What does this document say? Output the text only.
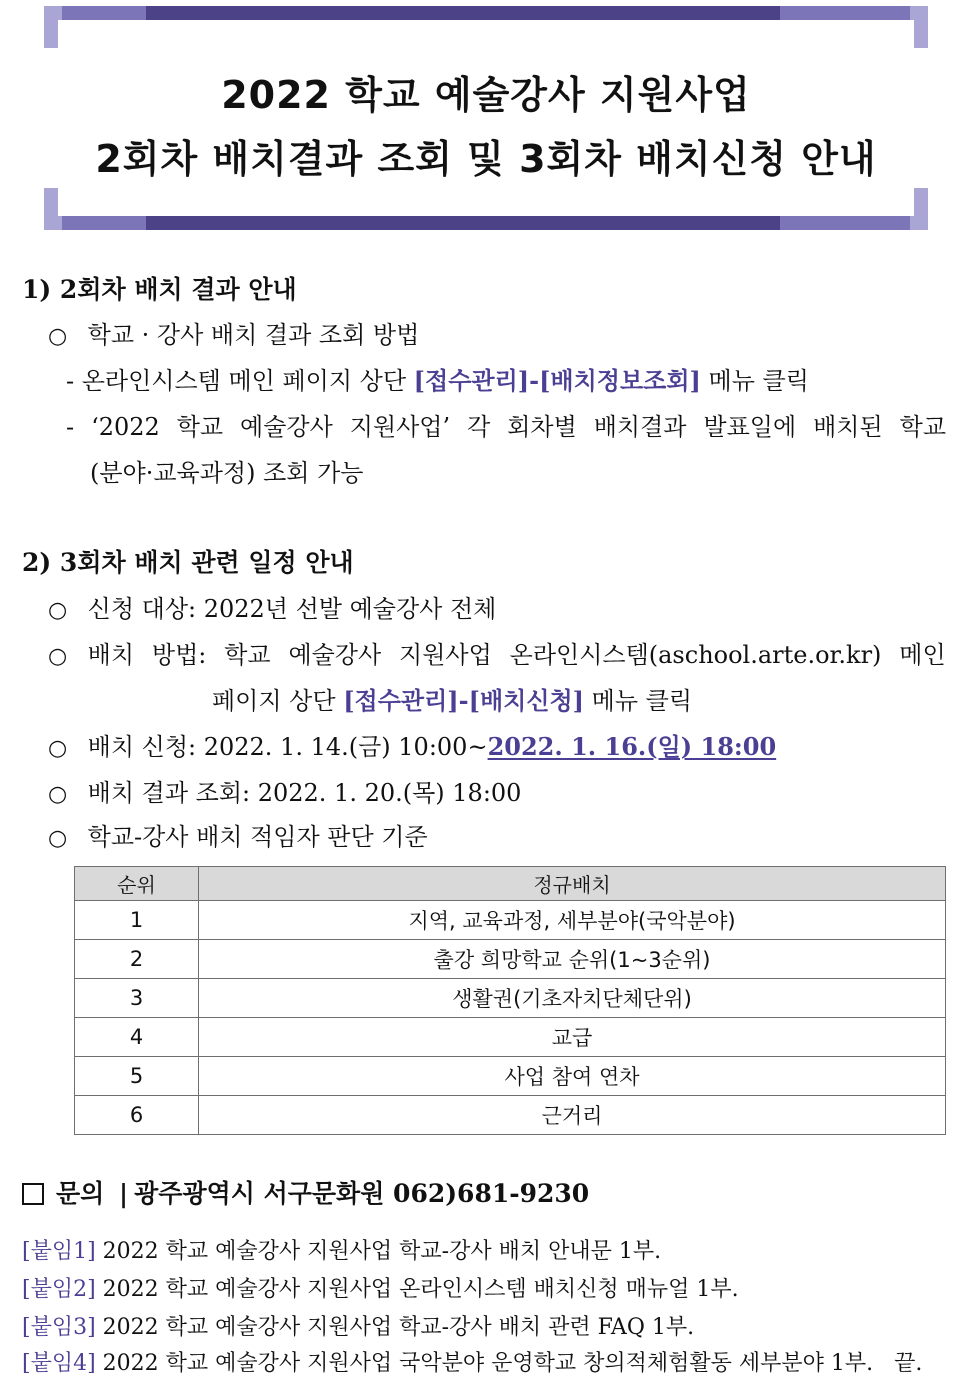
2022 학교 예술강사 지원사업
2회차 배치결과 조회 및 3회차 배치신청 안내
1) 2회차 배치 결과 안내
○ 학교 · 강사 배치 결과 조회 방법
- 온라인시스템 메인 페이지 상단 [접수관리]-[배치정보조회] 메뉴 클릭
- ‘2022 학교 예술강사 지원사업’ 각 회차별 배치결과 발표일에 배치된 학교
(분야·교육과정) 조회 가능
2) 3회차 배치 관련 일정 안내
○ 신청 대상: 2022년 선발 예술강사 전체
○ 배치 방법: 학교 예술강사 지원사업 온라인시스템(aschool.arte.or.kr) 메인
페이지 상단 [접수관리]-[배치신청] 메뉴 클릭
○ 배치 신청: 2022. 1. 14.(금) 10:00~2022. 1. 16.(일) 18:00
○ 배치 결과 조회: 2022. 1. 20.(목) 18:00
○ 학교-강사 배치 적임자 판단 기준
순위	정규배치
1	지역, 교육과정, 세부분야(국악분야)
2	출강 희망학교 순위(1~3순위)
3	생활권(기초자치단체단위)
4	교급
5	사업 참여 연차
6	근거리
문의 | 광주광역시 서구문화원 062)681-9230
[붙임1] 2022 학교 예술강사 지원사업 학교-강사 배치 안내문 1부.
[붙임2] 2022 학교 예술강사 지원사업 온라인시스템 배치신청 매뉴얼 1부.
[붙임3] 2022 학교 예술강사 지원사업 학교-강사 배치 관련 FAQ 1부.
[붙임4] 2022 학교 예술강사 지원사업 국악분야 운영학교 창의적체험활동 세부분야 1부.   끝.
